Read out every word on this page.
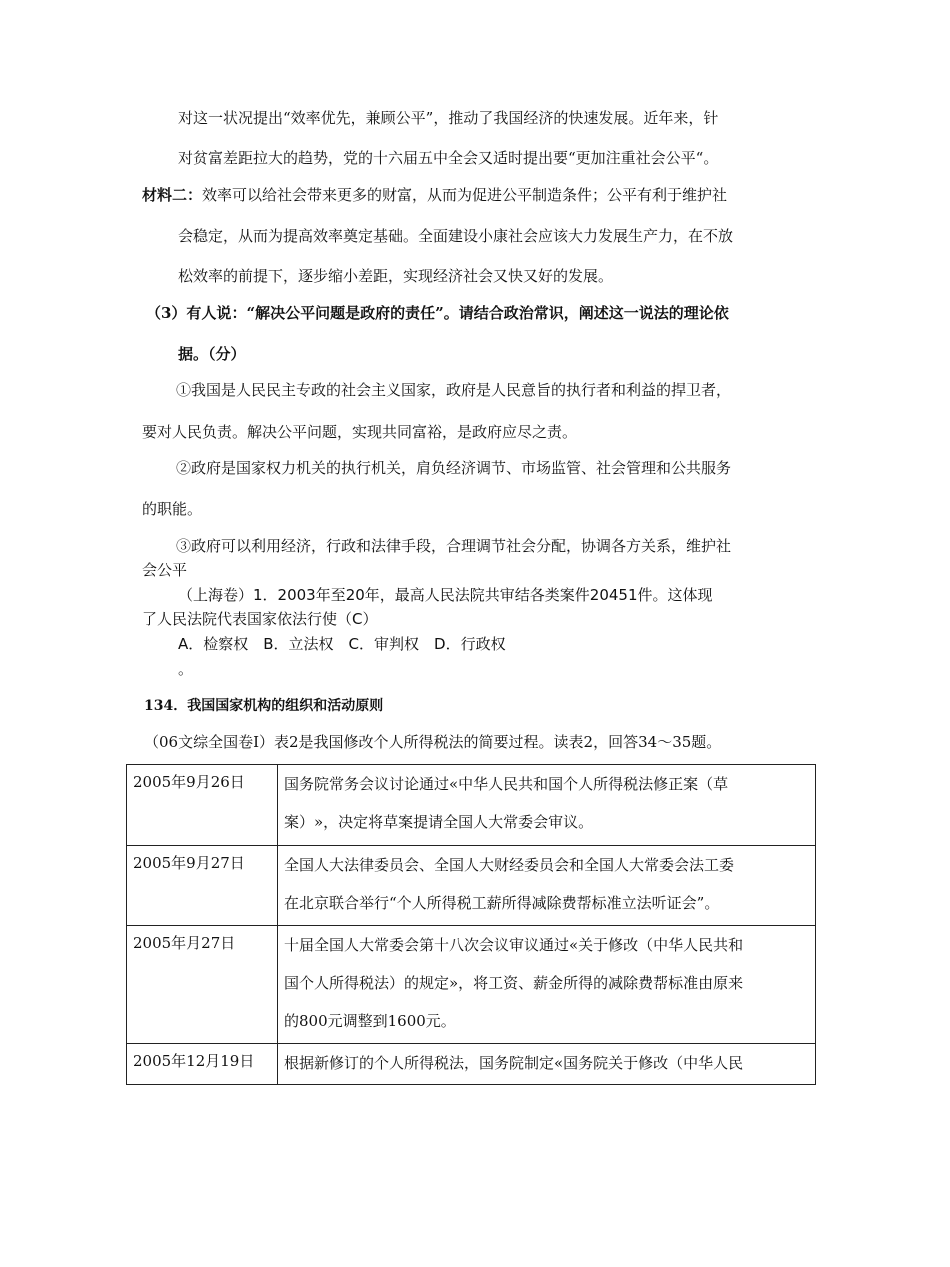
对这一状况提出“效率优先，兼顾公平”，推动了我国经济的快速发展。近年来，针
对贫富差距拉大的趋势，党的十六届五中全会又适时提出要“更加注重社会公平“。
材料二：效率可以给社会带来更多的财富，从而为促进公平制造条件；公平有利于维护社
会稳定，从而为提高效率奠定基础。全面建设小康社会应该大力发展生产力，在不放
松效率的前提下，逐步缩小差距，实现经济社会又快又好的发展。
（3）有人说：“解决公平问题是政府的责任”。请结合政治常识，阐述这一说法的理论依
据。（分）
①我国是人民民主专政的社会主义国家，政府是人民意旨的执行者和利益的捍卫者，
要对人民负责。解决公平问题，实现共同富裕，是政府应尽之责。
②政府是国家权力机关的执行机关，肩负经济调节、市场监管、社会管理和公共服务
的职能。
③政府可以利用经济，行政和法律手段，合理调节社会分配，协调各方关系，维护社
会公平
（上海卷）1．2003年至20年，最高人民法院共审结各类案件20451件。这体现
了人民法院代表国家依法行使（C）
A．检察权　B．立法权　C．审判权　D．行政权
。
134．我国国家机构的组织和活动原则
（06文综全国卷I）表2是我国修改个人所得税法的简要过程。读表2，回答34～35题。
2005年9月26日	国务院常务会议讨论通过«中华人民共和国个人所得税法修正案（草
案）»，决定将草案提请全国人大常委会审议。

2005年9月27日	全国人大法律委员会、全国人大财经委员会和全国人大常委会法工委
在北京联合举行“个人所得税工薪所得减除费帮标准立法听证会”。

2005年月27日	十届全国人大常委会第十八次会议审议通过«关于修改（中华人民共和
国个人所得税法）的规定»，将工资、薪金所得的减除费帮标准由原来
的800元调整到1600元。

2005年12月19日	根据新修订的个人所得税法，国务院制定«国务院关于修改（中华人民
